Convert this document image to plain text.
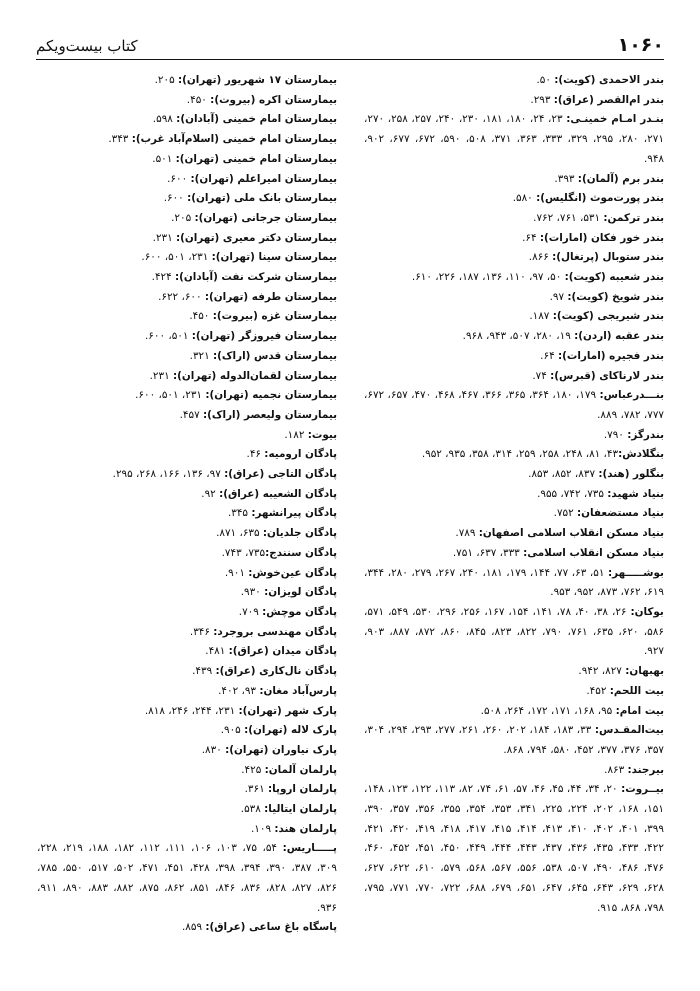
۱۰۶۰
کتاب بیست‌ویکم
بندر الاحمدی (کویت): ۵۰.
بندر ام‌القصر (عراق): ۲۹۳.
بنـدر امـام خمینـی: ۲۳، ۲۴، ۱۸۰، ۱۸۱، ۲۳۰، ۲۴۰، ۲۵۷، ۲۵۸، ۲۷۰، ۲۷۱، ۲۸۰، ۲۹۵، ۳۲۹، ۳۳۳، ۳۶۳، ۳۷۱، ۵۰۸، ۵۹۰، ۶۷۲، ۶۷۷، ۹۰۲، ۹۴۸.
بندر برم (آلمان): ۳۹۳.
بندر پورت‌موث (انگلیس): ۵۸۰.
بندر ترکمن: ۵۳۱، ۷۶۱، ۷۶۲.
بندر خور فکان (امارات): ۶۴.
بندر ستوبال (پرتغال): ۸۶۶.
بندر شعیبه (کویت): ۵۰، ۹۷، ۱۱۰، ۱۳۶، ۱۸۷، ۲۲۶، ۶۱۰.
بندر شویخ (کویت): ۹۷.
بندر شیریجی (کویت): ۱۸۷.
بندر عقبه (اردن): ۱۹، ۲۸۰، ۵۰۷، ۹۴۳، ۹۶۸.
بندر فجیره (امارات): ۶۴.
بندر لارناکای (قبرس): ۷۴.
بنـــدرعباس: ۱۷۹، ۱۸۰، ۳۶۴، ۳۶۵، ۳۶۶، ۴۶۷، ۴۶۸، ۴۷۰، ۶۵۷، ۶۷۲، ۷۷۷، ۷۸۲، ۸۸۹.
بندرگز: ۷۹۰.
بنگلادش:۴۳، ۸۱، ۲۴۸، ۲۵۸، ۲۵۹، ۳۱۴، ۳۵۸، ۹۳۵، ۹۵۲.
بنگلور (هند): ۸۳۷، ۸۵۲، ۸۵۳.
بنیاد شهید: ۷۳۵، ۷۴۲، ۹۵۵.
بنیاد مستضعفان: ۷۵۲.
بنیاد مسکن انقلاب اسلامی اصفهان: ۷۸۹.
بنیاد مسکن انقلاب اسلامی: ۳۳۳، ۶۳۷، ۷۵۱.
بوشـــــهر: ۵۱، ۶۳، ۷۷، ۱۴۴، ۱۷۹، ۱۸۱، ۲۴۰، ۲۶۷، ۲۷۹، ۲۸۰، ۳۴۴، ۶۱۹، ۷۶۲، ۸۷۳، ۹۵۲، ۹۵۳.
بوکان: ۲۶، ۳۸، ۴۰، ۷۸، ۱۴۱، ۱۵۴، ۱۶۷، ۲۵۶، ۲۹۶، ۵۳۰، ۵۴۹، ۵۷۱، ۵۸۶، ۶۲۰، ۶۳۵، ۷۶۱، ۷۹۰، ۸۲۲، ۸۲۳، ۸۴۵، ۸۶۰، ۸۷۲، ۸۸۷، ۹۰۳، ۹۲۷.
بهبهان: ۸۲۷، ۹۴۲.
بیت اللحم: ۴۵۲.
بیت امام: ۹۵، ۱۶۸، ۱۷۱، ۱۷۲، ۲۶۴، ۵۰۸.
بیت‌المقـدس: ۳۳، ۱۸۳، ۱۸۴، ۲۰۲، ۲۶۰، ۲۶۱، ۲۷۷، ۲۹۳، ۲۹۴، ۳۰۴، ۳۵۷، ۳۷۶، ۳۷۷، ۴۵۲، ۵۸۰، ۷۹۴، ۸۶۸.
بیرجند: ۸۶۳.
بیــروت: ۲۰، ۳۴، ۴۴، ۴۵، ۴۶، ۵۷، ۶۱، ۷۴، ۸۲، ۱۱۳، ۱۲۲، ۱۲۳، ۱۴۸، ۱۵۱، ۱۶۸، ۲۰۲، ۲۲۴، ۲۲۵، ۳۴۱، ۳۵۳، ۳۵۴، ۳۵۵، ۳۵۶، ۳۵۷، ۳۹۰، ۳۹۹، ۴۰۱، ۴۰۲، ۴۱۰، ۴۱۳، ۴۱۴، ۴۱۵، ۴۱۷، ۴۱۸، ۴۱۹، ۴۲۰، ۴۲۱، ۴۲۲، ۴۳۳، ۴۳۵، ۴۳۶، ۴۳۷، ۴۴۳، ۴۴۴، ۴۴۹، ۴۵۰، ۴۵۱، ۴۵۲، ۴۶۰، ۴۷۶، ۴۸۶، ۴۹۰، ۵۰۷، ۵۳۸، ۵۵۶، ۵۶۷، ۵۶۸، ۵۷۹، ۶۱۰، ۶۲۲، ۶۲۷، ۶۲۸، ۶۲۹، ۶۴۳، ۶۴۵، ۶۴۷، ۶۵۱، ۶۷۹، ۶۸۸، ۷۲۲، ۷۷۰، ۷۷۱، ۷۹۵، ۷۹۸، ۸۶۸، ۹۱۵.
بیمارستان ۱۷ شهریور (تهران): ۲۰۵.
بیمارستان اکره (بیروت): ۴۵۰.
بیمارستان امام خمینی (آبادان): ۵۹۸.
بیمارستان امام خمینی (اسلام‌آباد غرب): ۳۴۳.
بیمارستان امام خمینی (تهران): ۵۰۱.
بیمارستان امیراعلم (تهران): ۶۰۰.
بیمارستان بانک ملی (تهران): ۶۰۰.
بیمارستان جرجانی (تهران): ۲۰۵.
بیمارستان دکتر معیری (تهران): ۲۳۱.
بیمارستان سینا (تهران): ۲۳۱، ۵۰۱، ۶۰۰.
بیمارستان شرکت نفت (آبادان): ۴۲۴.
بیمارستان طرفه (تهران): ۶۰۰، ۶۲۲.
بیمارستان غزه (بیروت): ۴۵۰.
بیمارستان فیروزگر (تهران): ۵۰۱، ۶۰۰.
بیمارستان قدس (اراک): ۳۲۱.
بیمارستان لقمان‌الدوله (تهران): ۲۳۱.
بیمارستان نجمیه (تهران): ۲۳۱، ۵۰۱، ۶۰۰.
بیمارستان ولیعصر (اراک): ۴۵۷.
بیوت: ۱۸۲.
پادگان ارومیه: ۴۶.
پادگان التاجی (عراق): ۹۷، ۱۳۶، ۱۶۶، ۲۶۸، ۲۹۵.
پادگان الشعیبه (عراق): ۹۲.
پادگان پیرانشهر: ۳۴۵.
پادگان جلدیان: ۶۳۵، ۸۷۱.
پادگان سنندج:۷۳۵، ۷۴۳.
پادگان عین‌خوش: ۹۰۱.
پادگان لویزان: ۹۳۰.
پادگان موچش: ۷۰۹.
پادگان مهندسی بروجرد: ۳۴۶.
پادگان میدان (عراق): ۴۸۱.
پادگان نال‌کاری (عراق): ۴۳۹.
پارس‌آباد مغان: ۹۳، ۴۰۲.
پارک شهر (تهران): ۲۳۱، ۲۴۴، ۲۴۶، ۸۱۸.
پارک لاله (تهران): ۹۰۵.
پارک نیاوران (تهران): ۸۳۰.
پارلمان آلمان: ۴۲۵.
پارلمان اروپا: ۳۶۱.
پارلمان ایتالیا: ۵۳۸.
پارلمان هند: ۱۰۹.
پـــــاریس: ۵۴، ۷۵، ۱۰۳، ۱۰۶، ۱۱۱، ۱۱۲، ۱۸۲، ۱۸۸، ۲۱۹، ۲۲۸، ۳۰۹، ۳۸۷، ۳۹۰، ۳۹۴، ۳۹۸، ۴۲۸، ۴۵۱، ۴۷۱، ۵۰۲، ۵۱۷، ۵۵۰، ۷۸۵، ۸۲۶، ۸۲۷، ۸۲۸، ۸۳۶، ۸۴۶، ۸۵۱، ۸۶۲، ۸۷۵، ۸۸۲، ۸۸۳، ۸۹۰، ۹۱۱، ۹۳۶.
پاسگاه باغ ساعی (عراق): ۸۵۹.
